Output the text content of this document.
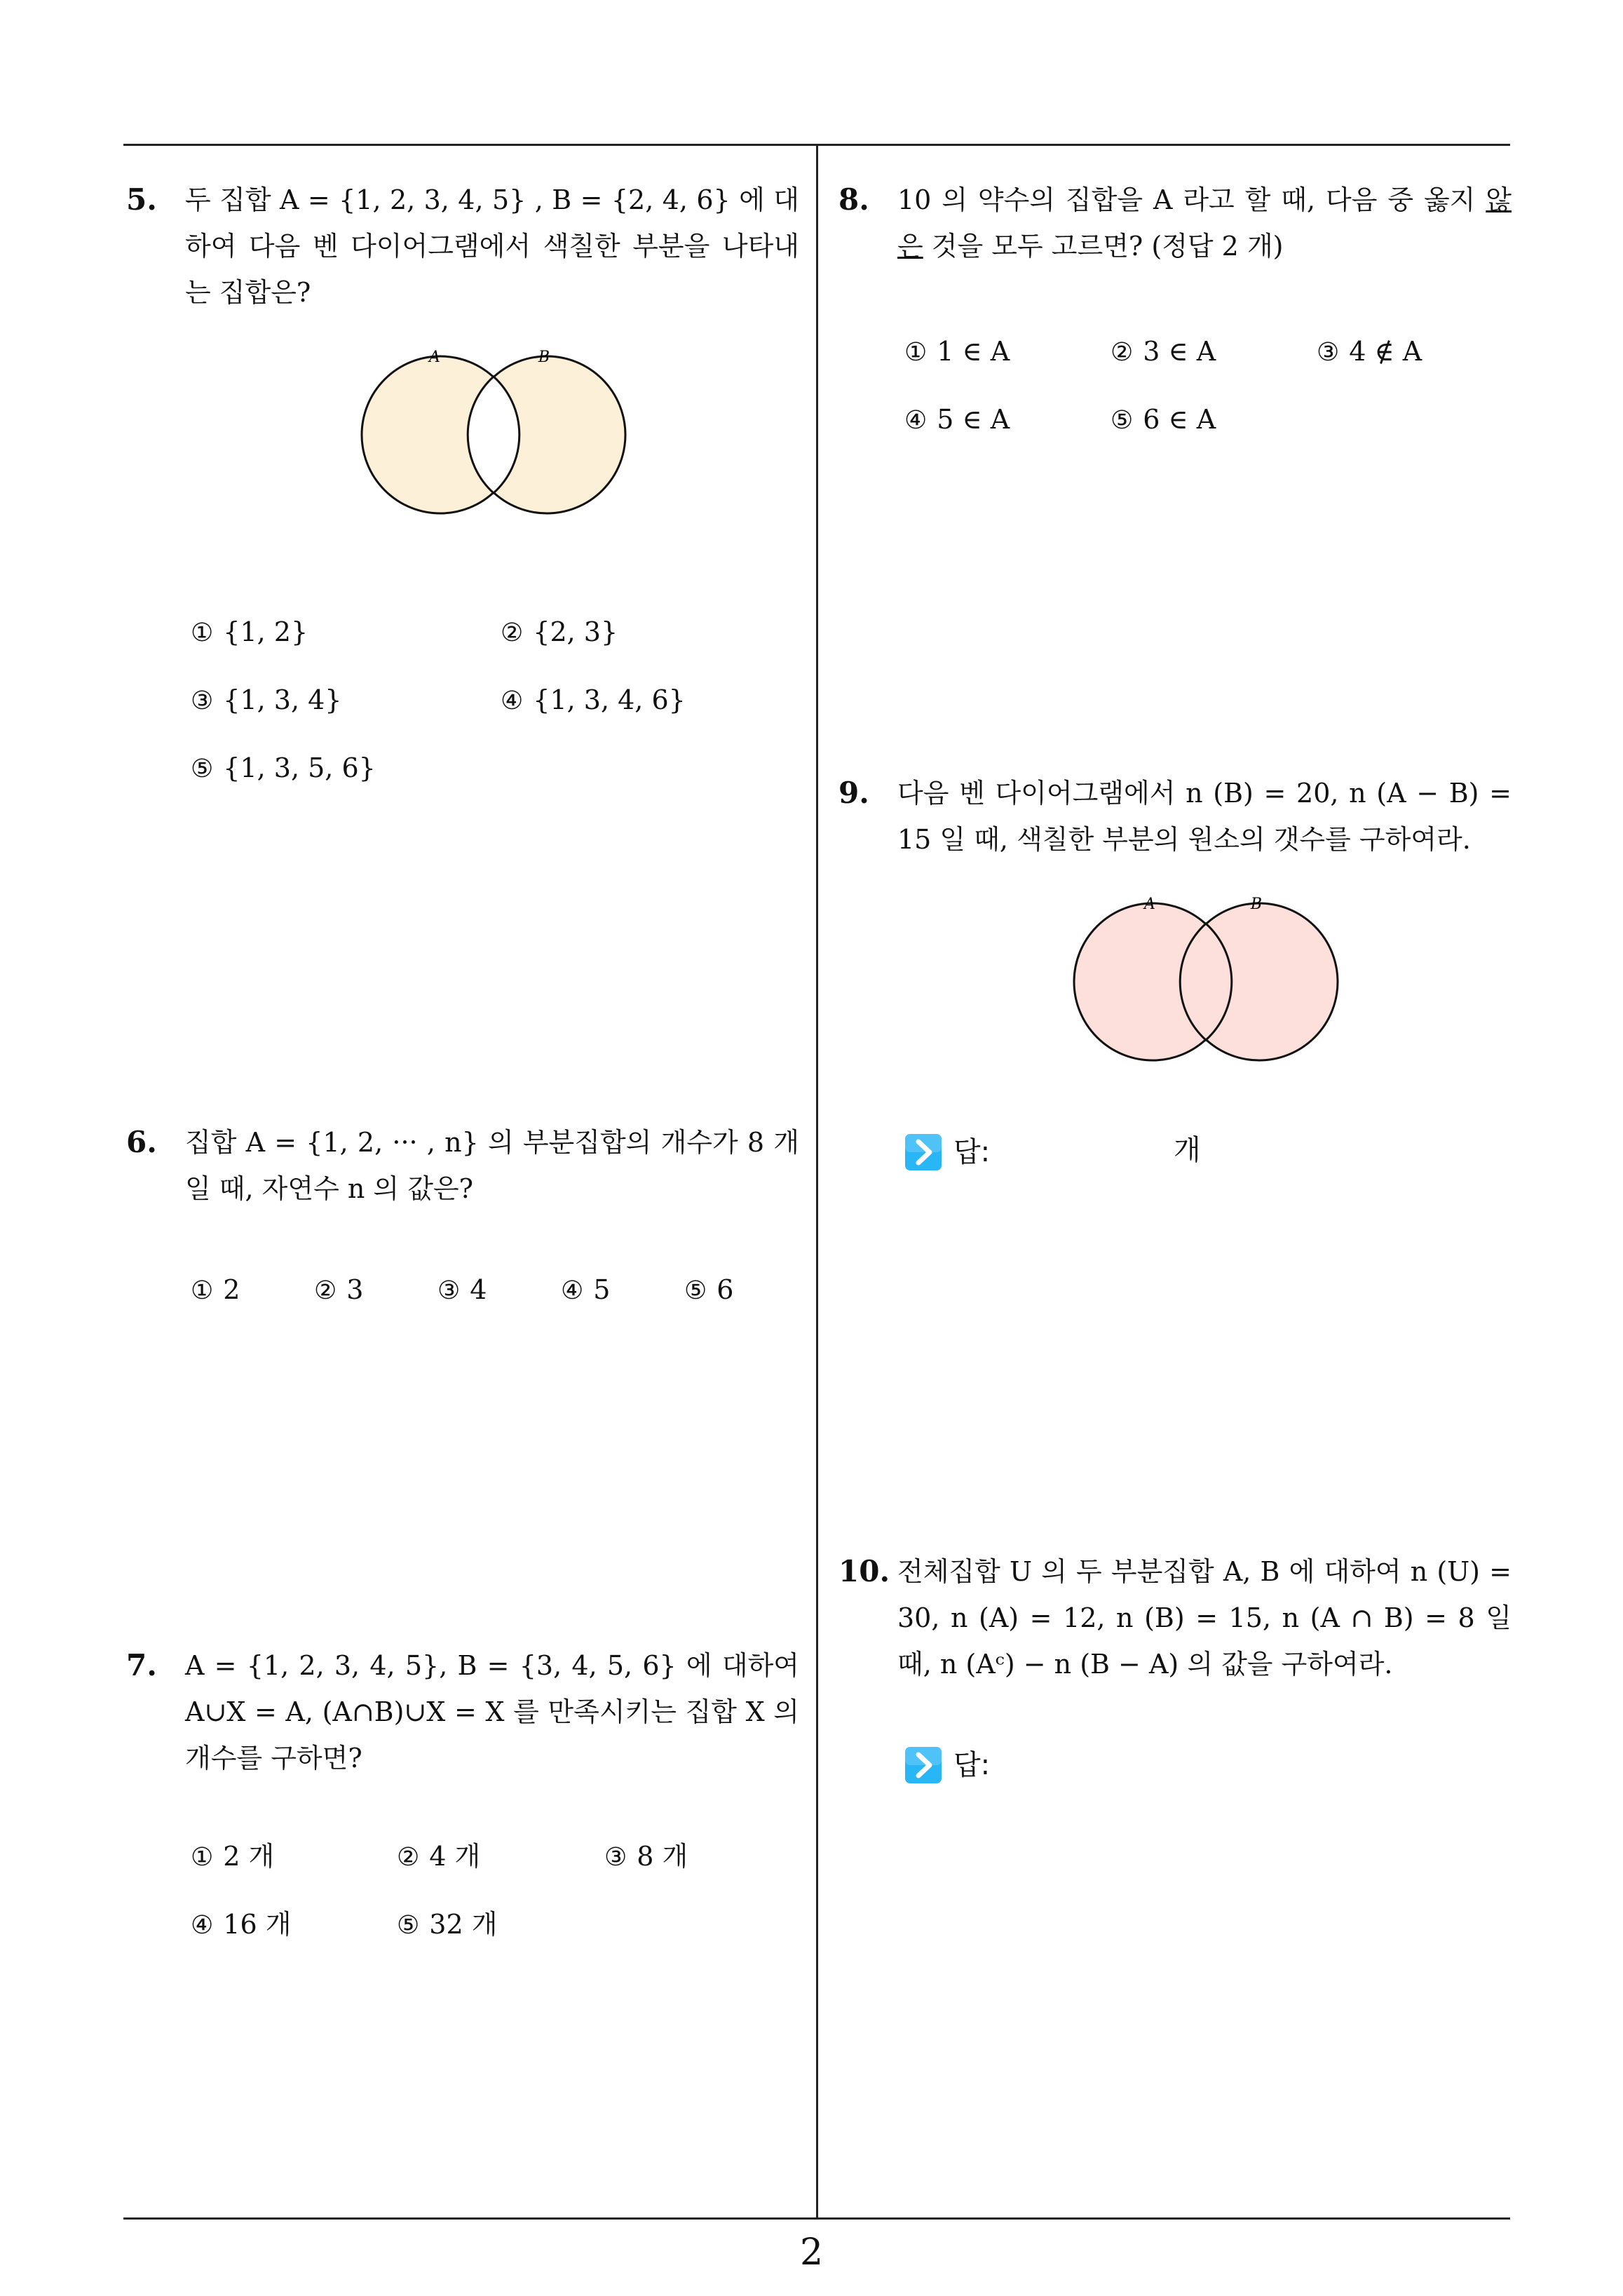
5. 두 집합 A = {1, 2, 3, 4, 5} , B = {2, 4, 6} 에 대하여 다음 벤 다이어그램에서 색칠한 부분을 나타내는 집합은?
A	B
① {1, 2}	② {2, 3}
③ {1, 3, 4}	④ {1, 3, 4, 6}
⑤ {1, 3, 5, 6}
6. 집합 A = {1, 2, ··· , n} 의 부분집합의 개수가 8 개일 때, 자연수 n 의 값은?
① 2	② 3	③ 4	④ 5	⑤ 6
7. A = {1, 2, 3, 4, 5}, B = {3, 4, 5, 6} 에 대하여 A∪X = A, (A∩B)∪X = X 를 만족시키는 집합 X 의 개수를 구하면?
① 2 개	② 4 개	③ 8 개
④ 16 개	⑤ 32 개
8. 10 의 약수의 집합을 A 라고 할 때, 다음 중 옳지 않은 것을 모두 고르면? (정답 2 개)
① 1 ∈ A	② 3 ∈ A	③ 4 ∉ A
④ 5 ∈ A	⑤ 6 ∈ A
9. 다음 벤 다이어그램에서 n (B) = 20, n (A − B) = 15 일 때, 색칠한 부분의 원소의 갯수를 구하여라.
A	B
답:	개
10. 전체집합 U 의 두 부분집합 A, B 에 대하여 n (U) = 30, n (A) = 12, n (B) = 15, n (A ∩ B) = 8 일 때, n (Aᶜ) − n (B − A) 의 값을 구하여라.
답:
2
